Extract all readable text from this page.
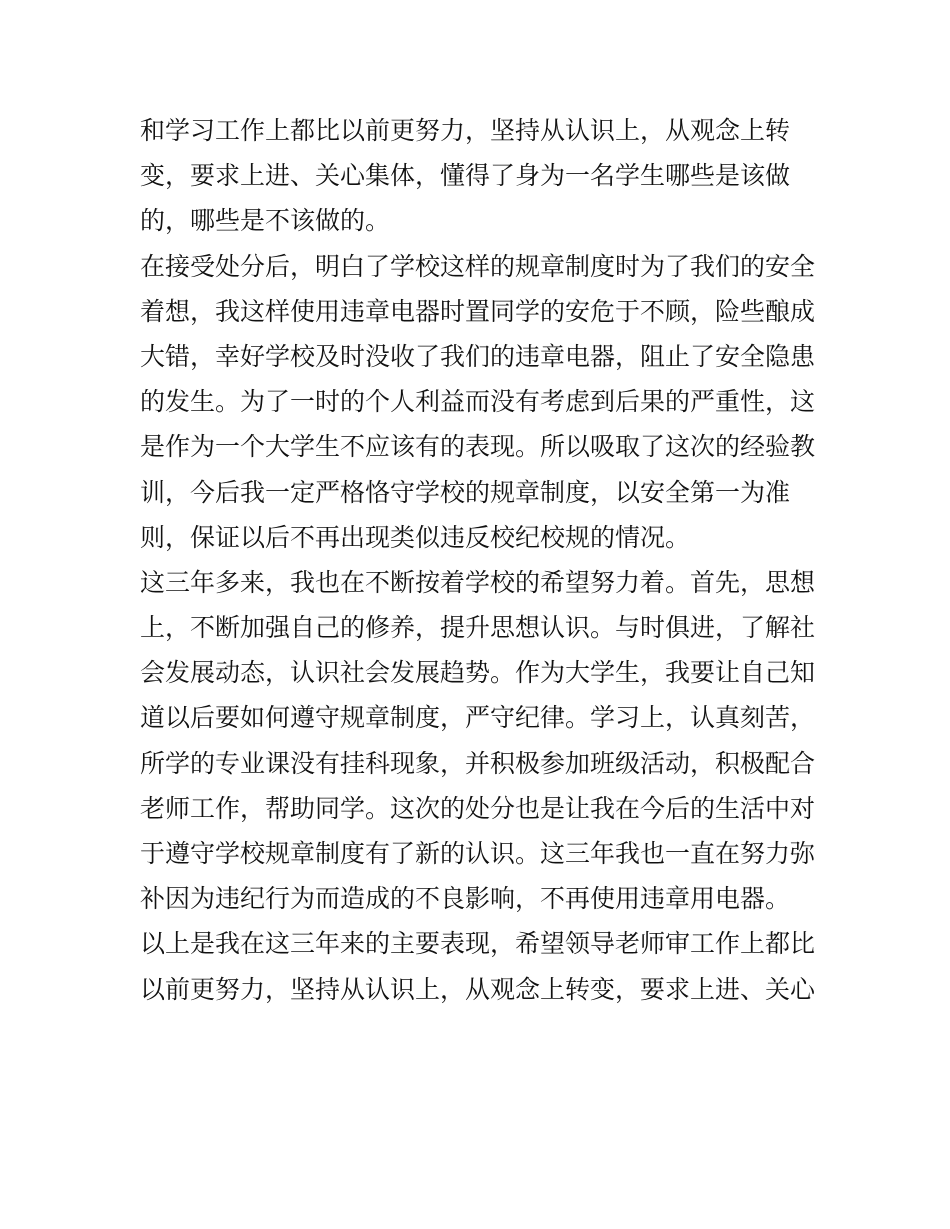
和学习工作上都比以前更努力，坚持从认识上，从观念上转
变，要求上进、关心集体，懂得了身为一名学生哪些是该做
的，哪些是不该做的。
在接受处分后，明白了学校这样的规章制度时为了我们的安全
着想，我这样使用违章电器时置同学的安危于不顾，险些酿成
大错，幸好学校及时没收了我们的违章电器，阻止了安全隐患
的发生。为了一时的个人利益而没有考虑到后果的严重性，这
是作为一个大学生不应该有的表现。所以吸取了这次的经验教
训，今后我一定严格恪守学校的规章制度，以安全第一为准
则，保证以后不再出现类似违反校纪校规的情况。
这三年多来，我也在不断按着学校的希望努力着。首先，思想
上，不断加强自己的修养，提升思想认识。与时俱进，了解社
会发展动态，认识社会发展趋势。作为大学生，我要让自己知
道以后要如何遵守规章制度，严守纪律。学习上，认真刻苦，
所学的专业课没有挂科现象，并积极参加班级活动，积极配合
老师工作，帮助同学。这次的处分也是让我在今后的生活中对
于遵守学校规章制度有了新的认识。这三年我也一直在努力弥
补因为违纪行为而造成的不良影响，不再使用违章用电器。
以上是我在这三年来的主要表现，希望领导老师审工作上都比
以前更努力，坚持从认识上，从观念上转变，要求上进、关心
